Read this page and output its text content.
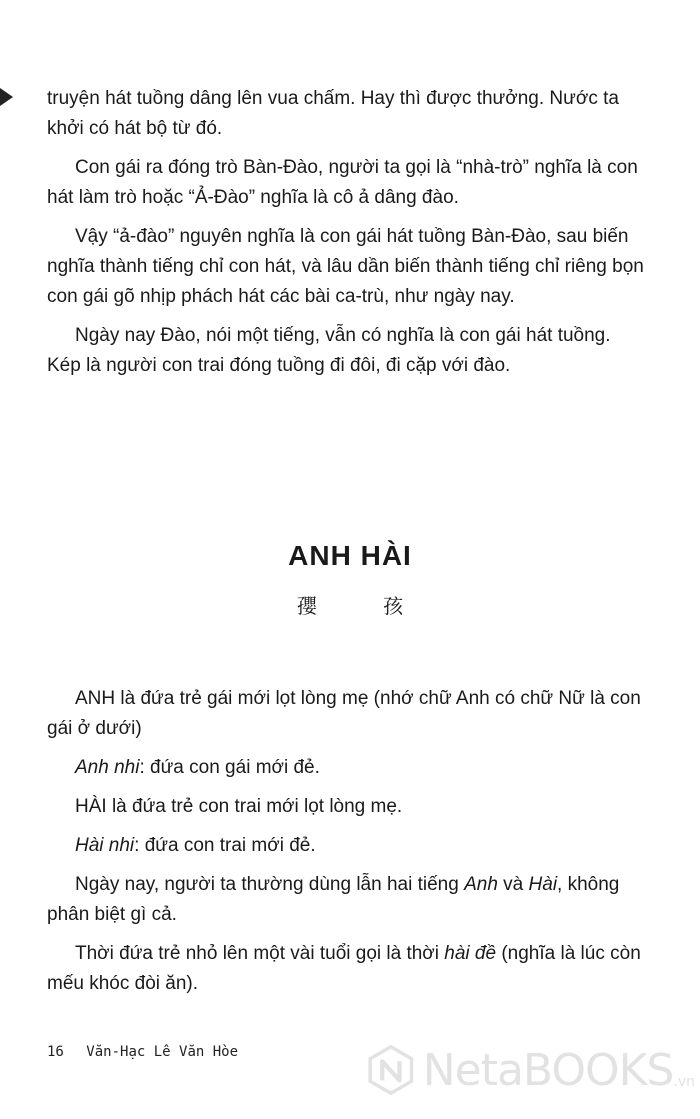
truyện hát tuồng dâng lên vua chấm. Hay thì được thưởng. Nước ta khởi có hát bộ từ đó.

Con gái ra đóng trò Bàn-Đào, người ta gọi là “nhà-trò” nghĩa là con hát làm trò hoặc “Ả-Đào” nghĩa là cô ả dâng đào.

Vậy “ả-đào” nguyên nghĩa là con gái hát tuồng Bàn-Đào, sau biến nghĩa thành tiếng chỉ con hát, và lâu dần biến thành tiếng chỉ riêng bọn con gái gõ nhịp phách hát các bài ca-trù, như ngày nay.

Ngày nay Đào, nói một tiếng, vẫn có nghĩa là con gái hát tuồng. Kép là người con trai đóng tuồng đi đôi, đi cặp với đào.

ANH HÀI
孾 孩

ANH là đứa trẻ gái mới lọt lòng mẹ (nhớ chữ Anh có chữ Nữ là con gái ở dưới)

Anh nhi: đứa con gái mới đẻ.

HÀI là đứa trẻ con trai mới lọt lòng mẹ.

Hài nhi: đứa con trai mới đẻ.

Ngày nay, người ta thường dùng lẫn hai tiếng Anh và Hài, không phân biệt gì cả.

Thời đứa trẻ nhỏ lên một vài tuổi gọi là thời hài đề (nghĩa là lúc còn mếu khóc đòi ăn).

16 Văn-Hạc Lê Văn Hòe	NetaBOOKS .vn
